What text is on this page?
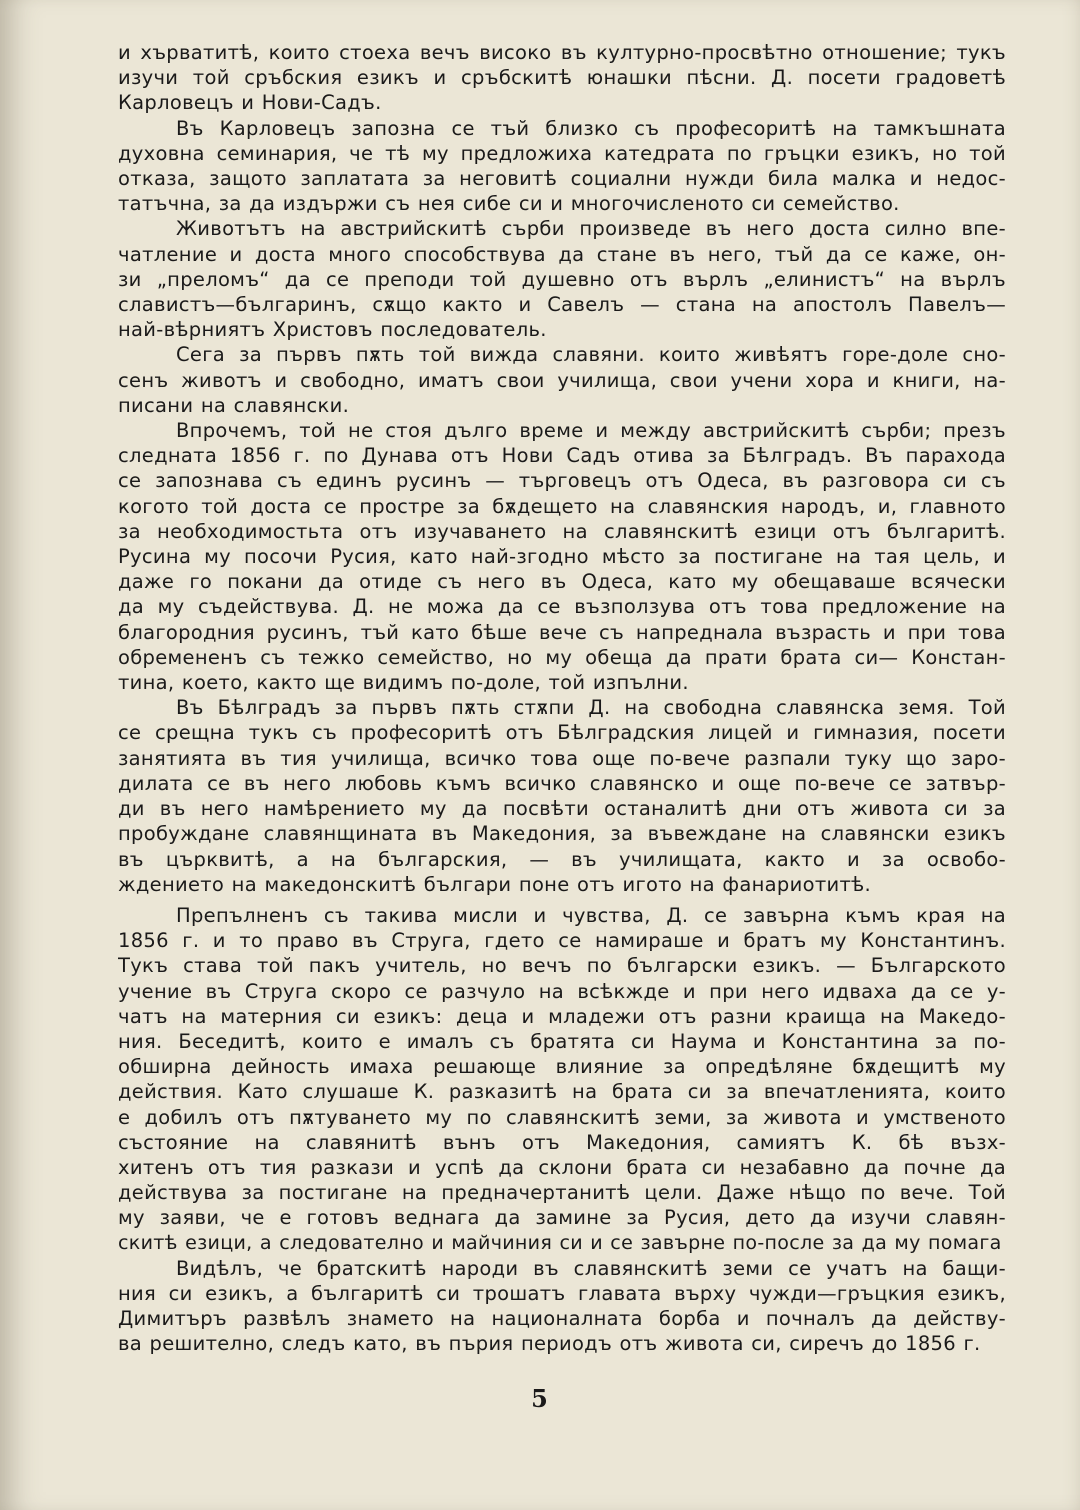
и хърватитѣ, които стоеха вечъ високо въ културно-просвѣтно отношение; тукъ
изучи той сръбския езикъ и сръбскитѣ юнашки пѣсни. Д. посети градоветѣ
Карловецъ и Нови-Садъ.

Въ Карловецъ запозна се тъй близко съ професоритѣ на тамкъшната
духовна семинария, че тѣ му предложиха катедрата по гръцки езикъ, но той
отказа, защото заплатата за неговитѣ социални нужди била малка и недос-
татъчна, за да издържи съ нея сибе си и многочисленото си семейство.

Животътъ на австрийскитѣ сърби произведе въ него доста силно впе-
чатление и доста много способствува да стане въ него, тъй да се каже, он-
зи „преломъ“ да се преподи той душевно отъ върлъ „елинистъ“ на върлъ
славистъ—българинъ, сѫщо както и Савелъ — стана на апостолъ Павелъ—
най-вѣрниятъ Христовъ последователь.

Сега за първъ пѫть той вижда славяни. които живѣятъ горе-доле сно-
сенъ животъ и свободно, иматъ свои училища, свои учени хора и книги, на-
писани на славянски.

Впрочемъ, той не стоя дълго време и между австрийскитѣ сърби; презъ
следната 1856 г. по Дунава отъ Нови Садъ отива за Бѣлградъ. Въ парахода
се запознава съ единъ русинъ — търговецъ отъ Одеса, въ разговора си съ
когото той доста се простре за бѫдещето на славянския народъ, и, главното
за необходимостьта отъ изучаването на славянскитѣ езици отъ българитѣ.
Русина му посочи Русия, като най-згодно мѣсто за постигане на тая цель, и
даже го покани да отиде съ него въ Одеса, като му обещаваше всячески
да му съдействува. Д. не можа да се възползува отъ това предложение на
благородния русинъ, тъй като бѣше вече съ напреднала възрасть и при това
обремененъ съ тежко семейство, но му обеща да прати брата си— Констан-
тина, което, както ще видимъ по-доле, той изпълни.

Въ Бѣлградъ за първъ пѫть стѫпи Д. на свободна славянска земя. Той
се срещна тукъ съ професоритѣ отъ Бѣлградския лицей и гимназия, посети
занятията въ тия училища, всичко това още по-вече разпали туку що заро-
дилата се въ него любовь къмъ всичко славянско и още по-вече се затвър-
ди въ него намѣрението му да посвѣти останалитѣ дни отъ живота си за
пробуждане славянщината въ Македония, за въвеждане на славянски езикъ
въ църквитѣ, а на българския, — въ училищата, както и за освобо-
ждението на македонскитѣ българи поне отъ игото на фанариотитѣ.

Препълненъ съ такива мисли и чувства, Д. се завърна къмъ края на
1856 г. и то право въ Струга, гдето се намираше и братъ му Константинъ.
Тукъ става той пакъ учитель, но вечъ по български езикъ. — Българското
учение въ Струга скоро се разчуло на всѣкжде и при него идваха да се у-
чатъ на матерния си езикъ: деца и младежи отъ разни краища на Македо-
ния. Беседитѣ, които е ималъ съ братята си Наума и Константина за по-
обширна дейность имаха решающе влияние за опредѣляне бѫдещитѣ му
действия. Като слушаше К. разказитѣ на брата си за впечатленията, които
е добилъ отъ пѫтуването му по славянскитѣ земи, за живота и умственото
състояние на славянитѣ вънъ отъ Македония, самиятъ К. бѣ възх-
хитенъ отъ тия разкази и успѣ да склони брата си незабавно да почне да
действува за постигане на предначертанитѣ цели. Даже нѣщо по вече. Той
му заяви, че е готовъ веднага да замине за Русия, дето да изучи славян-
скитѣ езици, а следователно и майчиния си и се завърне по-после за да му помага

Видѣлъ, че братскитѣ народи въ славянскитѣ земи се учатъ на бащи-
ния си езикъ, а българитѣ си трошатъ главата върху чужди—гръцкия езикъ,
Димитъръ развѣлъ знамето на националната борба и почналъ да действу-
ва решително, следъ като, въ пърия периодъ отъ живота си, сиречъ до 1856 г.

5
